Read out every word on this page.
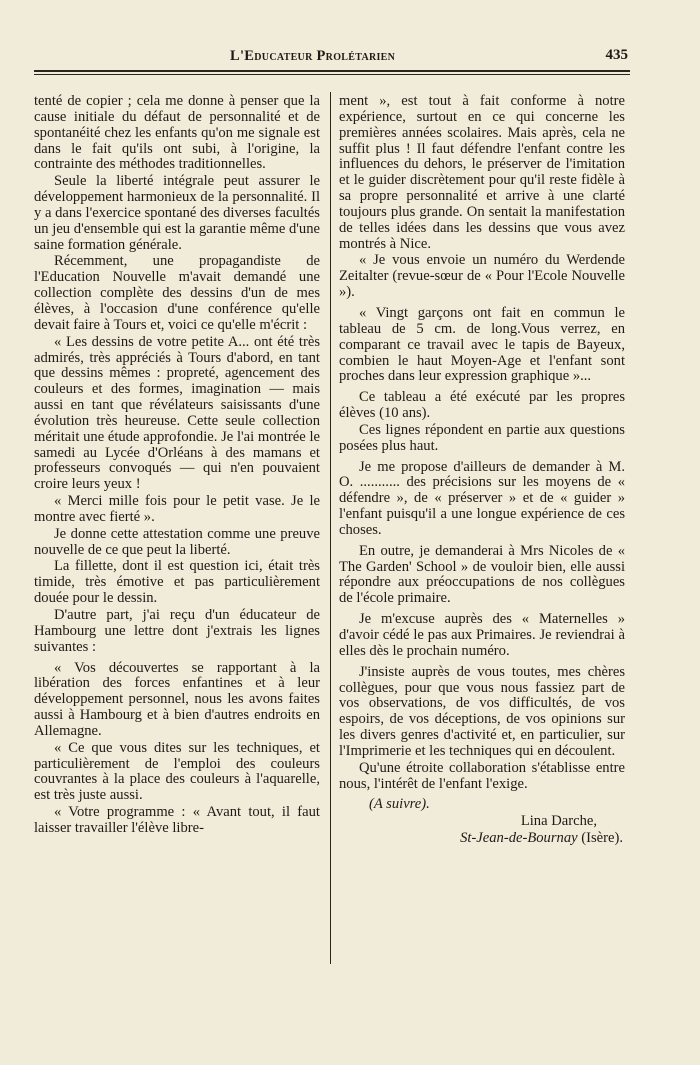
L'Educateur Prolétarien	435

tenté de copier ; cela me donne à penser que la cause initiale du défaut de personnalité et de spontanéité chez les enfants qu'on me signale est dans le fait qu'ils ont subi, à l'origine, la contrainte des méthodes traditionnelles.

Seule la liberté intégrale peut assurer le développement harmonieux de la personnalité. Il y a dans l'exercice spontané des diverses facultés un jeu d'ensemble qui est la garantie même d'une saine formation générale.

Récemment, une propagandiste de l'Education Nouvelle m'avait demandé une collection complète des dessins d'un de mes élèves, à l'occasion d'une conférence qu'elle devait faire à Tours et, voici ce qu'elle m'écrit :

« Les dessins de votre petite A... ont été très admirés, très appréciés à Tours d'abord, en tant que dessins mêmes : propreté, agencement des couleurs et des formes, imagination — mais aussi en tant que révélateurs saisissants d'une évolution très heureuse. Cette seule collection méritait une étude approfondie. Je l'ai montrée le samedi au Lycée d'Orléans à des mamans et professeurs convoqués — qui n'en pouvaient croire leurs yeux !

« Merci mille fois pour le petit vase. Je le montre avec fierté ».

Je donne cette attestation comme une preuve nouvelle de ce que peut la liberté.

La fillette, dont il est question ici, était très timide, très émotive et pas particulièrement douée pour le dessin.

D'autre part, j'ai reçu d'un éducateur de Hambourg une lettre dont j'extrais les lignes suivantes :

« Vos découvertes se rapportant à la libération des forces enfantines et à leur développement personnel, nous les avons faites aussi à Hambourg et à bien d'autres endroits en Allemagne.

« Ce que vous dites sur les techniques, et particulièrement de l'emploi des couleurs couvrantes à la place des couleurs à l'aquarelle, est très juste aussi.

« Votre programme : « Avant tout, il faut laisser travailler l'élève libre-

ment », est tout à fait conforme à notre expérience, surtout en ce qui concerne les premières années scolaires. Mais après, cela ne suffit plus ! Il faut défendre l'enfant contre les influences du dehors, le préserver de l'imitation et le guider discrètement pour qu'il reste fidèle à sa propre personnalité et arrive à une clarté toujours plus grande. On sentait la manifestation de telles idées dans les dessins que vous avez montrés à Nice.

« Je vous envoie un numéro du Werdende Zeitalter (revue-sœur de « Pour l'Ecole Nouvelle »).

« Vingt garçons ont fait en commun le tableau de 5 cm. de long.Vous verrez, en comparant ce travail avec le tapis de Bayeux, combien le haut Moyen-Age et l'enfant sont proches dans leur expression graphique »...

Ce tableau a été exécuté par les propres élèves (10 ans).

Ces lignes répondent en partie aux questions posées plus haut.

Je me propose d'ailleurs de demander à M. O. ........... des précisions sur les moyens de « défendre », de « préserver » et de « guider » l'enfant puisqu'il a une longue expérience de ces choses.

En outre, je demanderai à Mrs Nicoles de « The Garden' School » de vouloir bien, elle aussi répondre aux préoccupations de nos collègues de l'école primaire.

Je m'excuse auprès des « Maternelles » d'avoir cédé le pas aux Primaires. Je reviendrai à elles dès le prochain numéro.

J'insiste auprès de vous toutes, mes chères collègues, pour que vous nous fassiez part de vos observations, de vos difficultés, de vos espoirs, de vos déceptions, de vos opinions sur les divers genres d'activité et, en particulier, sur l'Imprimerie et les techniques qui en découlent.

Qu'une étroite collaboration s'établisse entre nous, l'intérêt de l'enfant l'exige.

(A suivre).

Lina Darche,

St-Jean-de-Bournay (Isère).
